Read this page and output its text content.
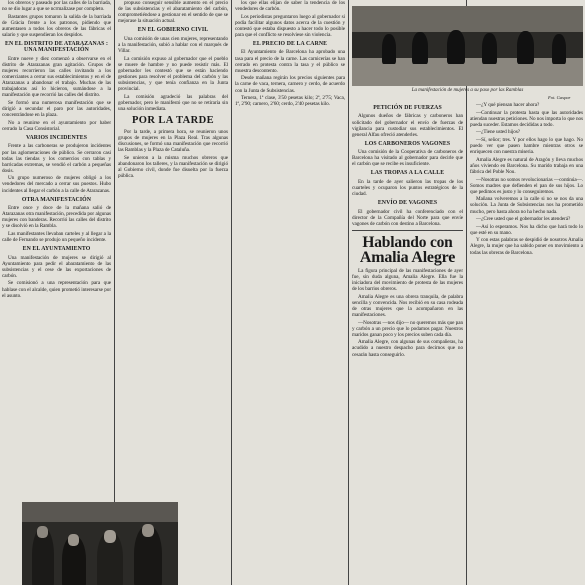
los obreros y paseado por las calles de la barriada, no se dio lugar a que se ncrmalizase por completo.

Bastantes grupos tomaron la salida de la barriada de Gràcia frente a los patronos, pidiendo que aumentasen a todos los obreros de las fábricas el salario y que suspendieran los despidos.

EN EL DISTRITO DE ATARAZANAS : UNA MANIFESTACIÓN

Entre nueve y diez comenzó a observarse en el distrito de Atarazanas gran agitación. Grupos de mujeres recorrieron las calles invitando a los comerciantes a cerrar sus establecimientos y en el de Atarazanas a abandonar el trabajo. Muchas de las trabajadoras así lo hicieron, sumándose a la manifestación que recorrió las calles del distrito.

Se formó una numerosa manifestación que se dirigió a secundar el paro por las autoridades, concentrándose en la plaza.

No a reunirse en el ayuntamiento por haber cerrado la Casa Consistorial.

VARIOS INCIDENTES

Frente a las carboneras se produjeron incidentes por las aglomeraciones de público. Se cerraron casi todas las tiendas y los comercios con tablas y barricadas extremas, se vendió el carbón a pequeñas dosis.

Un grupo numeroso de mujeres obligó a los vendedores del mercado a cerrar sus puestos. Hubo incidentes al llegar el carbón a la calle de Atarazanas.

OTRA MANIFESTACIÓN

Entre once y doce de la mañana salió de Atarazanas otra manifestación, precedida por algunas mujeres con banderas. Recorrió las calles del distrito y se disolvió en la Rambla.

Las manifestantes llevaban carteles y al llegar a la calle de Fernando se produjo un pequeño incidente.

EN EL AYUNTAMIENTO

Una manifestación de mujeres se dirigió al Ayuntamiento para pedir el abaratamiento de las subsistencias y el cese de las exportaciones de carbón.

Se comisionó a una representación para que hablase con el alcalde, quien prometió interesarse por el asunto.

propuso conseguir sensible aumento en el precio de las subsistencias y el abaratamiento del carbón, comprometiéndose a gestionar en el sentido de que se mejorase la situación actual.

EN EL GOBIERNO CIVIL

Una comisión de unas cien mujeres, representando a la manifestación, subió a hablar con el marqués de Villar.

La comisión expuso al gobernador que el pueblo se muere de hambre y no puede resistir más. El gobernador les contestó que se están haciendo gestiones para resolver el problema del carbón y las subsistencias, y que tenía confianza en la Junta provincial.

La comisión agradeció las palabras del gobernador, pero le manifestó que no se retiraría sin una solución inmediata.

POR LA TARDE

Por la tarde, a primera hora, se reunieron unos grupos de mujeres en la Plaza Real. Tras algunas discusiones, se formó una manifestación que recorrió las Ramblas y la Plaza de Cataluña.

Se unieron a la misma muchos obreros que abandonaron los talleres, y la manifestación se dirigió al Gobierno civil, donde fue disuelta por la fuerza pública.

los que ellas elijan de saber la tendencia de los vendedores de carbón.

Los periodistas preguntaron luego al gobernador si podía facilitar algunos datos acerca de la cuestión y contestó que estaba dispuesto a hacer todo lo posible para que el conflicto se resolviese sin violencia.

EL PRECIO DE LA CARNE

El Ayuntamiento de Barcelona ha aprobado una tasa para el precio de la carne. Las carnicerías se han cerrado en protesta contra la tasa y el público se muestra descontento.

Desde mañana regirán los precios siguientes para la carne de vaca, ternera, carnero y cerdo, de acuerdo con la Junta de Subsistencias.

Ternera, 1ª clase, 3'50 pesetas kilo; 2ª, 2'75; Vaca, 1ª, 2'90; carnero, 2'60; cerdo, 2'40 pesetas kilo.

La manifestación de mujeres a su paso por las Ramblas
Fot. Gaspar
PETICIÓN DE FUERZAS

Algunos dueños de fábricas y carboneros han solicitado del gobernador el envío de fuerzas de vigilancia para custodiar sus establecimientos. El general Alfau ofreció atenderles.

LOS CARBONEROS VAGONES

Una comisión de la Cooperativa de carboneros de Barcelona ha visitado al gobernador para decirle que el carbón que se recibe es insuficiente.

LAS TROPAS A LA CALLE

En la tarde de ayer salieron las tropas de los cuarteles y ocuparon los puntos estratégicos de la ciudad.

ENVÍO DE VAGONES

El gobernador civil ha conferenciado con el director de la Compañía del Norte para que envíe vagones de carbón con destino a Barcelona.

Hablando con
Amalia Alegre

La figura principal de las manifestaciones de ayer fue, sin duda alguna, Amalia Alegre. Ella fue la iniciadora del movimiento de protesta de las mujeres de los barrios obreros.

Amalia Alegre es una obrera tranquila, de palabra sencilla y convencida. Nos recibió en su casa rodeada de otras mujeres que la acompañaron en las manifestaciones.

—Nosotras —nos dijo— no queremos más que pan y carbón a un precio que lo podamos pagar. Nuestros maridos ganan poco y los precios suben cada día.

Amalia Alegre, con algunas de sus compañeras, ha acudido a nuestro despacho para decirnos que no cesarán hasta conseguirlo.

—¿Y qué piensan hacer ahora?

—Continuar la protesta hasta que las autoridades atiendan nuestras peticiones. No nos importa lo que nos pueda suceder. Estamos decididas a todo.

—¿Tiene usted hijos?

—Sí, señor; tres. Y por ellos hago lo que hago. No puedo ver que pasen hambre mientras otros se enriquecen con nuestra miseria.

Amalia Alegre es natural de Aragón y lleva muchos años viviendo en Barcelona. Su marido trabaja en una fábrica del Poble Nou.

—Nosotras no somos revolucionarias —continúa—. Somos madres que defienden el pan de sus hijos. Lo que pedimos es justo y lo conseguiremos.

Mañana volveremos a la calle si no se nos da una solución. La Junta de Subsistencias nos ha prometido mucho, pero hasta ahora no ha hecho nada.

—¿Cree usted que el gobernador les atenderá?

—Así lo esperamos. Nos ha dicho que hará todo lo que esté en su mano.

Y con estas palabras se despidió de nosotros Amalia Alegre, la mujer que ha sabido poner en movimiento a todas las obreras de Barcelona.
